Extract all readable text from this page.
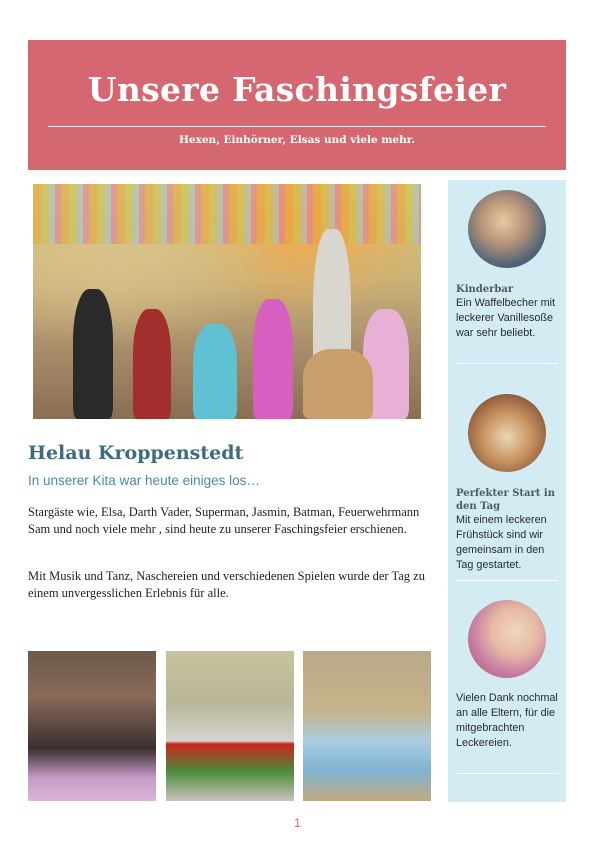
Unsere Faschingsfeier
Hexen, Einhörner, Elsas und viele mehr.
Helau Kroppenstedt

In unserer Kita war heute einiges los…

Stargäste wie, Elsa, Darth Vader, Superman, Jasmin, Batman, Feuerwehrmann Sam und noch viele mehr , sind heute zu unserer Faschingsfeier erschienen.

Mit Musik und Tanz, Naschereien und verschiedenen Spielen wurde der Tag zu einem unvergesslichen Erlebnis für alle.

Kinderbar

Ein Waffelbecher mit leckerer Vanillesoße war sehr beliebt.

Perfekter Start in den Tag

Mit einem leckeren Frühstück sind wir gemeinsam in den Tag gestartet.

Vielen Dank nochmal an alle Eltern, für die mitgebrachten Leckereien.

1
